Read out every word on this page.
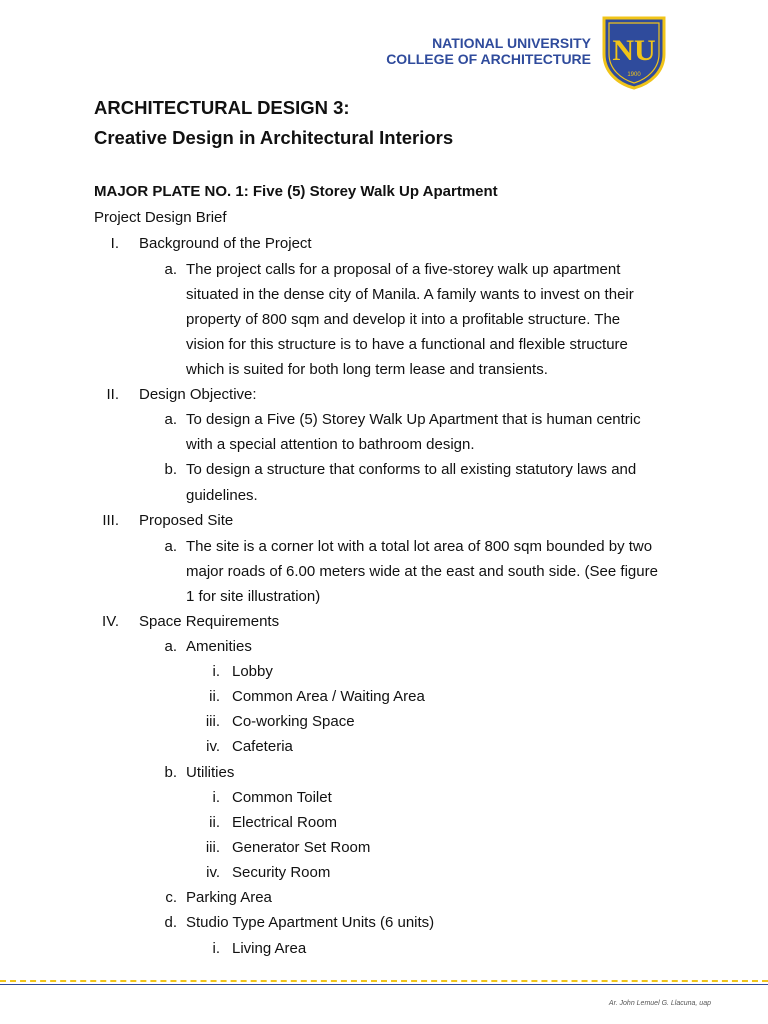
NATIONAL UNIVERSITY
COLLEGE OF ARCHITECTURE NU
1900
ARCHITECTURAL DESIGN 3:
Creative Design in Architectural Interiors
MAJOR PLATE NO. 1: Five (5) Storey Walk Up Apartment
Project Design Brief
I. Background of the Project
a. The project calls for a proposal of a five-storey walk up apartment
situated in the dense city of Manila. A family wants to invest on their
property of 800 sqm and develop it into a profitable structure. The
vision for this structure is to have a functional and flexible structure
which is suited for both long term lease and transients.
II. Design Objective:
a. To design a Five (5) Storey Walk Up Apartment that is human centric
with a special attention to bathroom design.
b. To design a structure that conforms to all existing statutory laws and
guidelines.
III. Proposed Site
a. The site is a corner lot with a total lot area of 800 sqm bounded by two
major roads of 6.00 meters wide at the east and south side. (See figure
1 for site illustration)
IV. Space Requirements
a. Amenities
i. Lobby
ii. Common Area / Waiting Area
iii. Co-working Space
iv. Cafeteria
b. Utilities
i. Common Toilet
ii. Electrical Room
iii. Generator Set Room
iv. Security Room
c. Parking Area
d. Studio Type Apartment Units (6 units)
i. Living Area
Ar. John Lemuel G. Llacuna, uap
